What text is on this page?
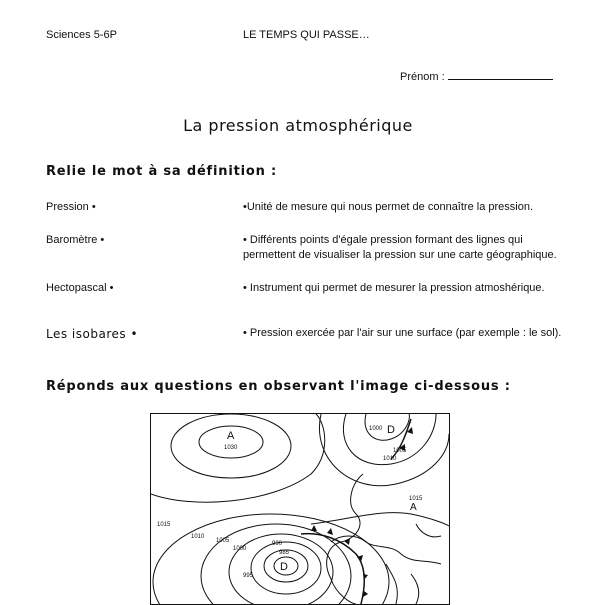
Sciences 5-6P	LE TEMPS QUI PASSE…
Prénom :
La pression atmosphérique
Relie le mot à sa définition :
Pression •
Baromètre •
Hectopascal •
Les isobares •
•Unité de mesure qui nous permet de connaître la pression.
• Différents points d'égale pression formant des lignes qui
permettent de visualiser la pression sur une carte géographique.
• Instrument qui permet de mesurer la pression atmoshérique.
• Pression exercée par l'air sur une surface (par exemple : le sol).
Réponds aux questions en observant l'image ci-dessous :
A
1030
1000 D
1005
1010
1015
A
1015
1010
1005
1000
990
985
D
995
